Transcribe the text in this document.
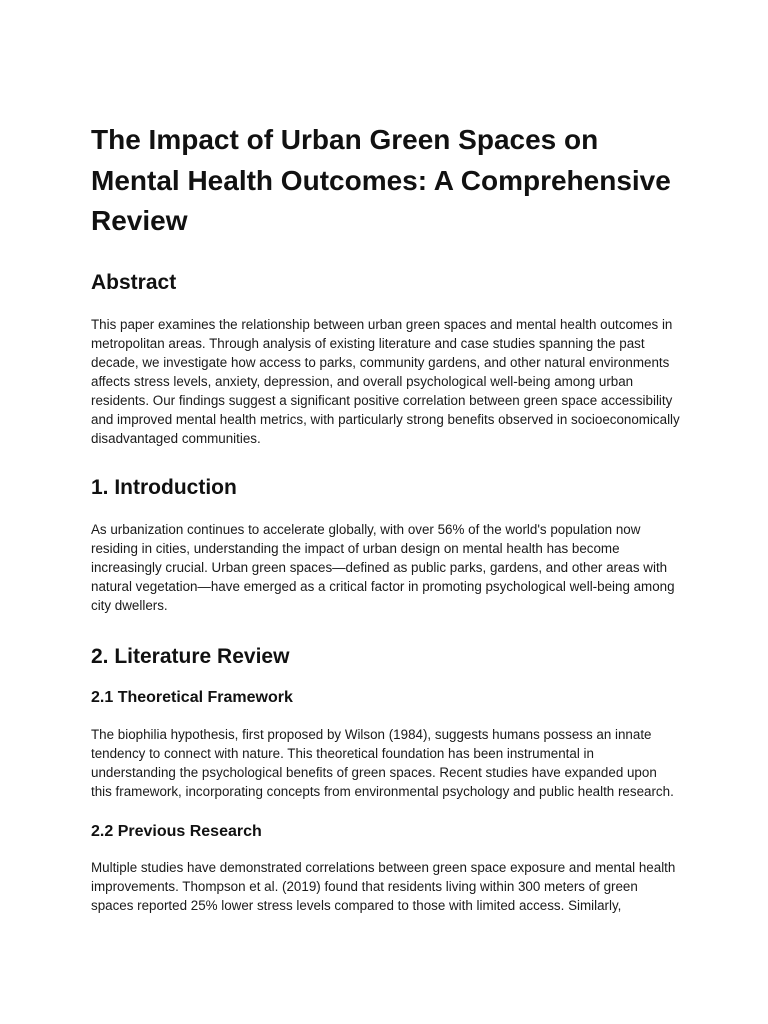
The Impact of Urban Green Spaces on Mental Health Outcomes: A Comprehensive Review
Abstract

This paper examines the relationship between urban green spaces and mental health outcomes in metropolitan areas. Through analysis of existing literature and case studies spanning the past decade, we investigate how access to parks, community gardens, and other natural environments affects stress levels, anxiety, depression, and overall psychological well-being among urban residents. Our findings suggest a significant positive correlation between green space accessibility and improved mental health metrics, with particularly strong benefits observed in socioeconomically disadvantaged communities.

1. Introduction

As urbanization continues to accelerate globally, with over 56% of the world's population now residing in cities, understanding the impact of urban design on mental health has become increasingly crucial. Urban green spaces—defined as public parks, gardens, and other areas with natural vegetation—have emerged as a critical factor in promoting psychological well-being among city dwellers.

2. Literature Review
2.1 Theoretical Framework

The biophilia hypothesis, first proposed by Wilson (1984), suggests humans possess an innate tendency to connect with nature. This theoretical foundation has been instrumental in understanding the psychological benefits of green spaces. Recent studies have expanded upon this framework, incorporating concepts from environmental psychology and public health research.

2.2 Previous Research

Multiple studies have demonstrated correlations between green space exposure and mental health improvements. Thompson et al. (2019) found that residents living within 300 meters of green spaces reported 25% lower stress levels compared to those with limited access. Similarly,
